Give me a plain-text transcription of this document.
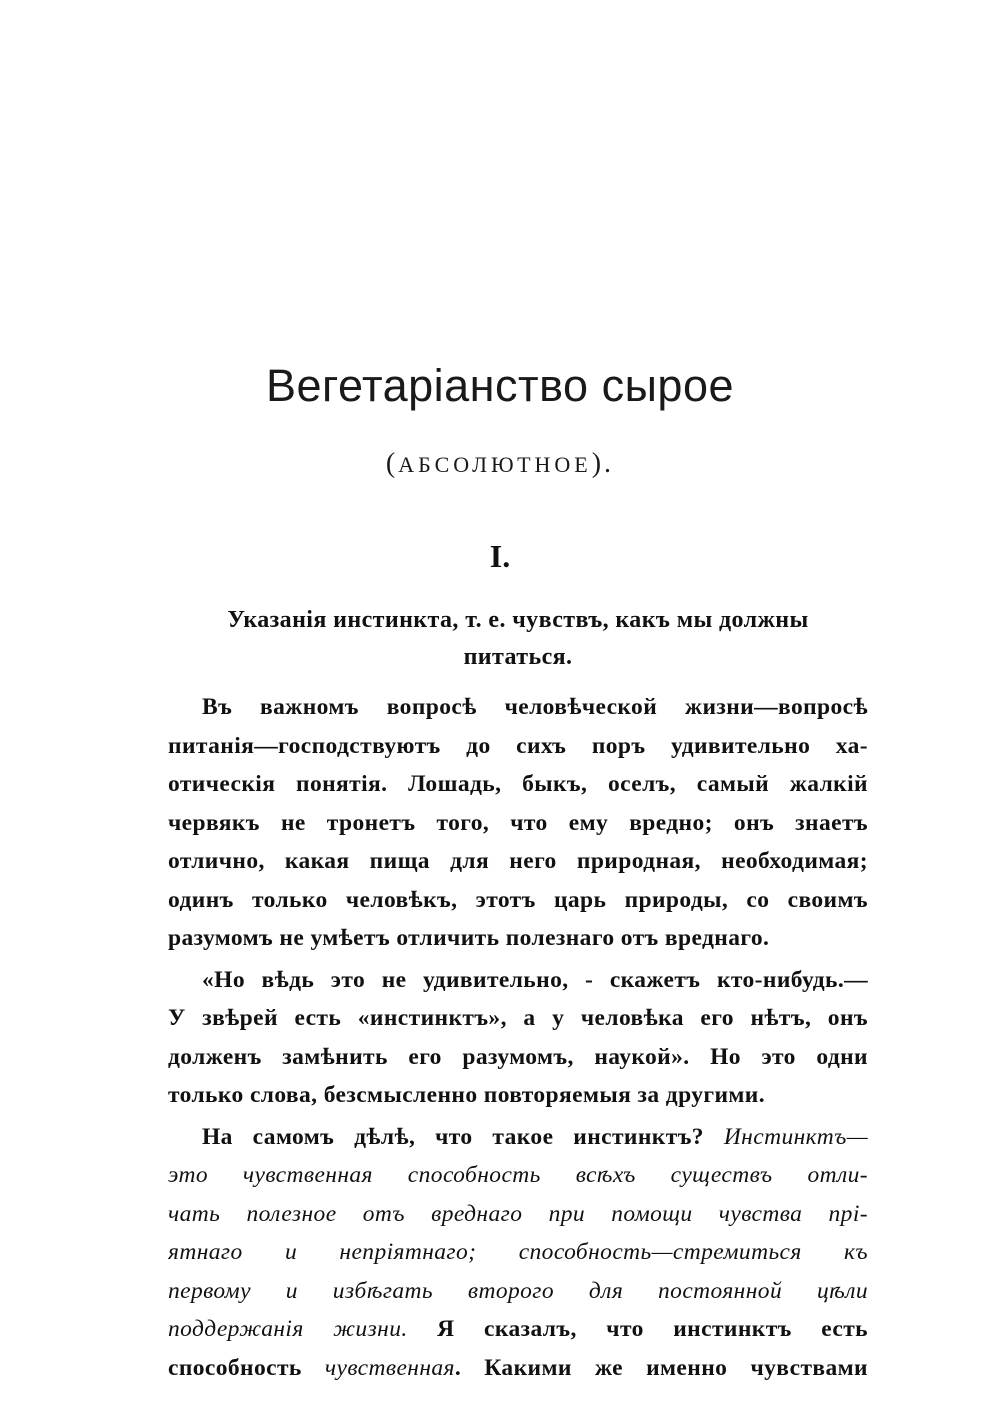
Вегетаріанство сырое
(АБСОЛЮТНОЕ).
I.
Указанія инстинкта, т. е. чувствъ, какъ мы должны
питаться.
Въ важномъ вопросѣ человѣческой жизни—вопросѣ
питанія—господствуютъ до сихъ поръ удивительно ха-
отическія понятія. Лошадь, быкъ, оселъ, самый жалкій
червякъ не тронетъ того, что ему вредно; онъ знаетъ
отлично, какая пища для него природная, необходимая;
одинъ только человѣкъ, этотъ царь природы, со своимъ
разумомъ не умѣетъ отличить полезнаго отъ вреднаго.
«Но вѣдь это не удивительно, - скажетъ кто-нибудь.—
У звѣрей есть «инстинктъ», а у человѣка его нѣтъ, онъ
долженъ замѣнить его разумомъ, наукой». Но это одни
только слова, безсмысленно повторяемыя за другими.
На самомъ дѣлѣ, что такое инстинктъ? Инстинктъ—
это чувственная способность всѣхъ существъ отли-
чать полезное отъ вреднаго при помощи чувства прі-
ятнаго и непріятнаго; способность—стремиться къ
первому и избѣгать второго для постоянной цѣли
поддержанія жизни. Я сказалъ, что инстинктъ есть
способность чувственная. Какими же именно чувствами
